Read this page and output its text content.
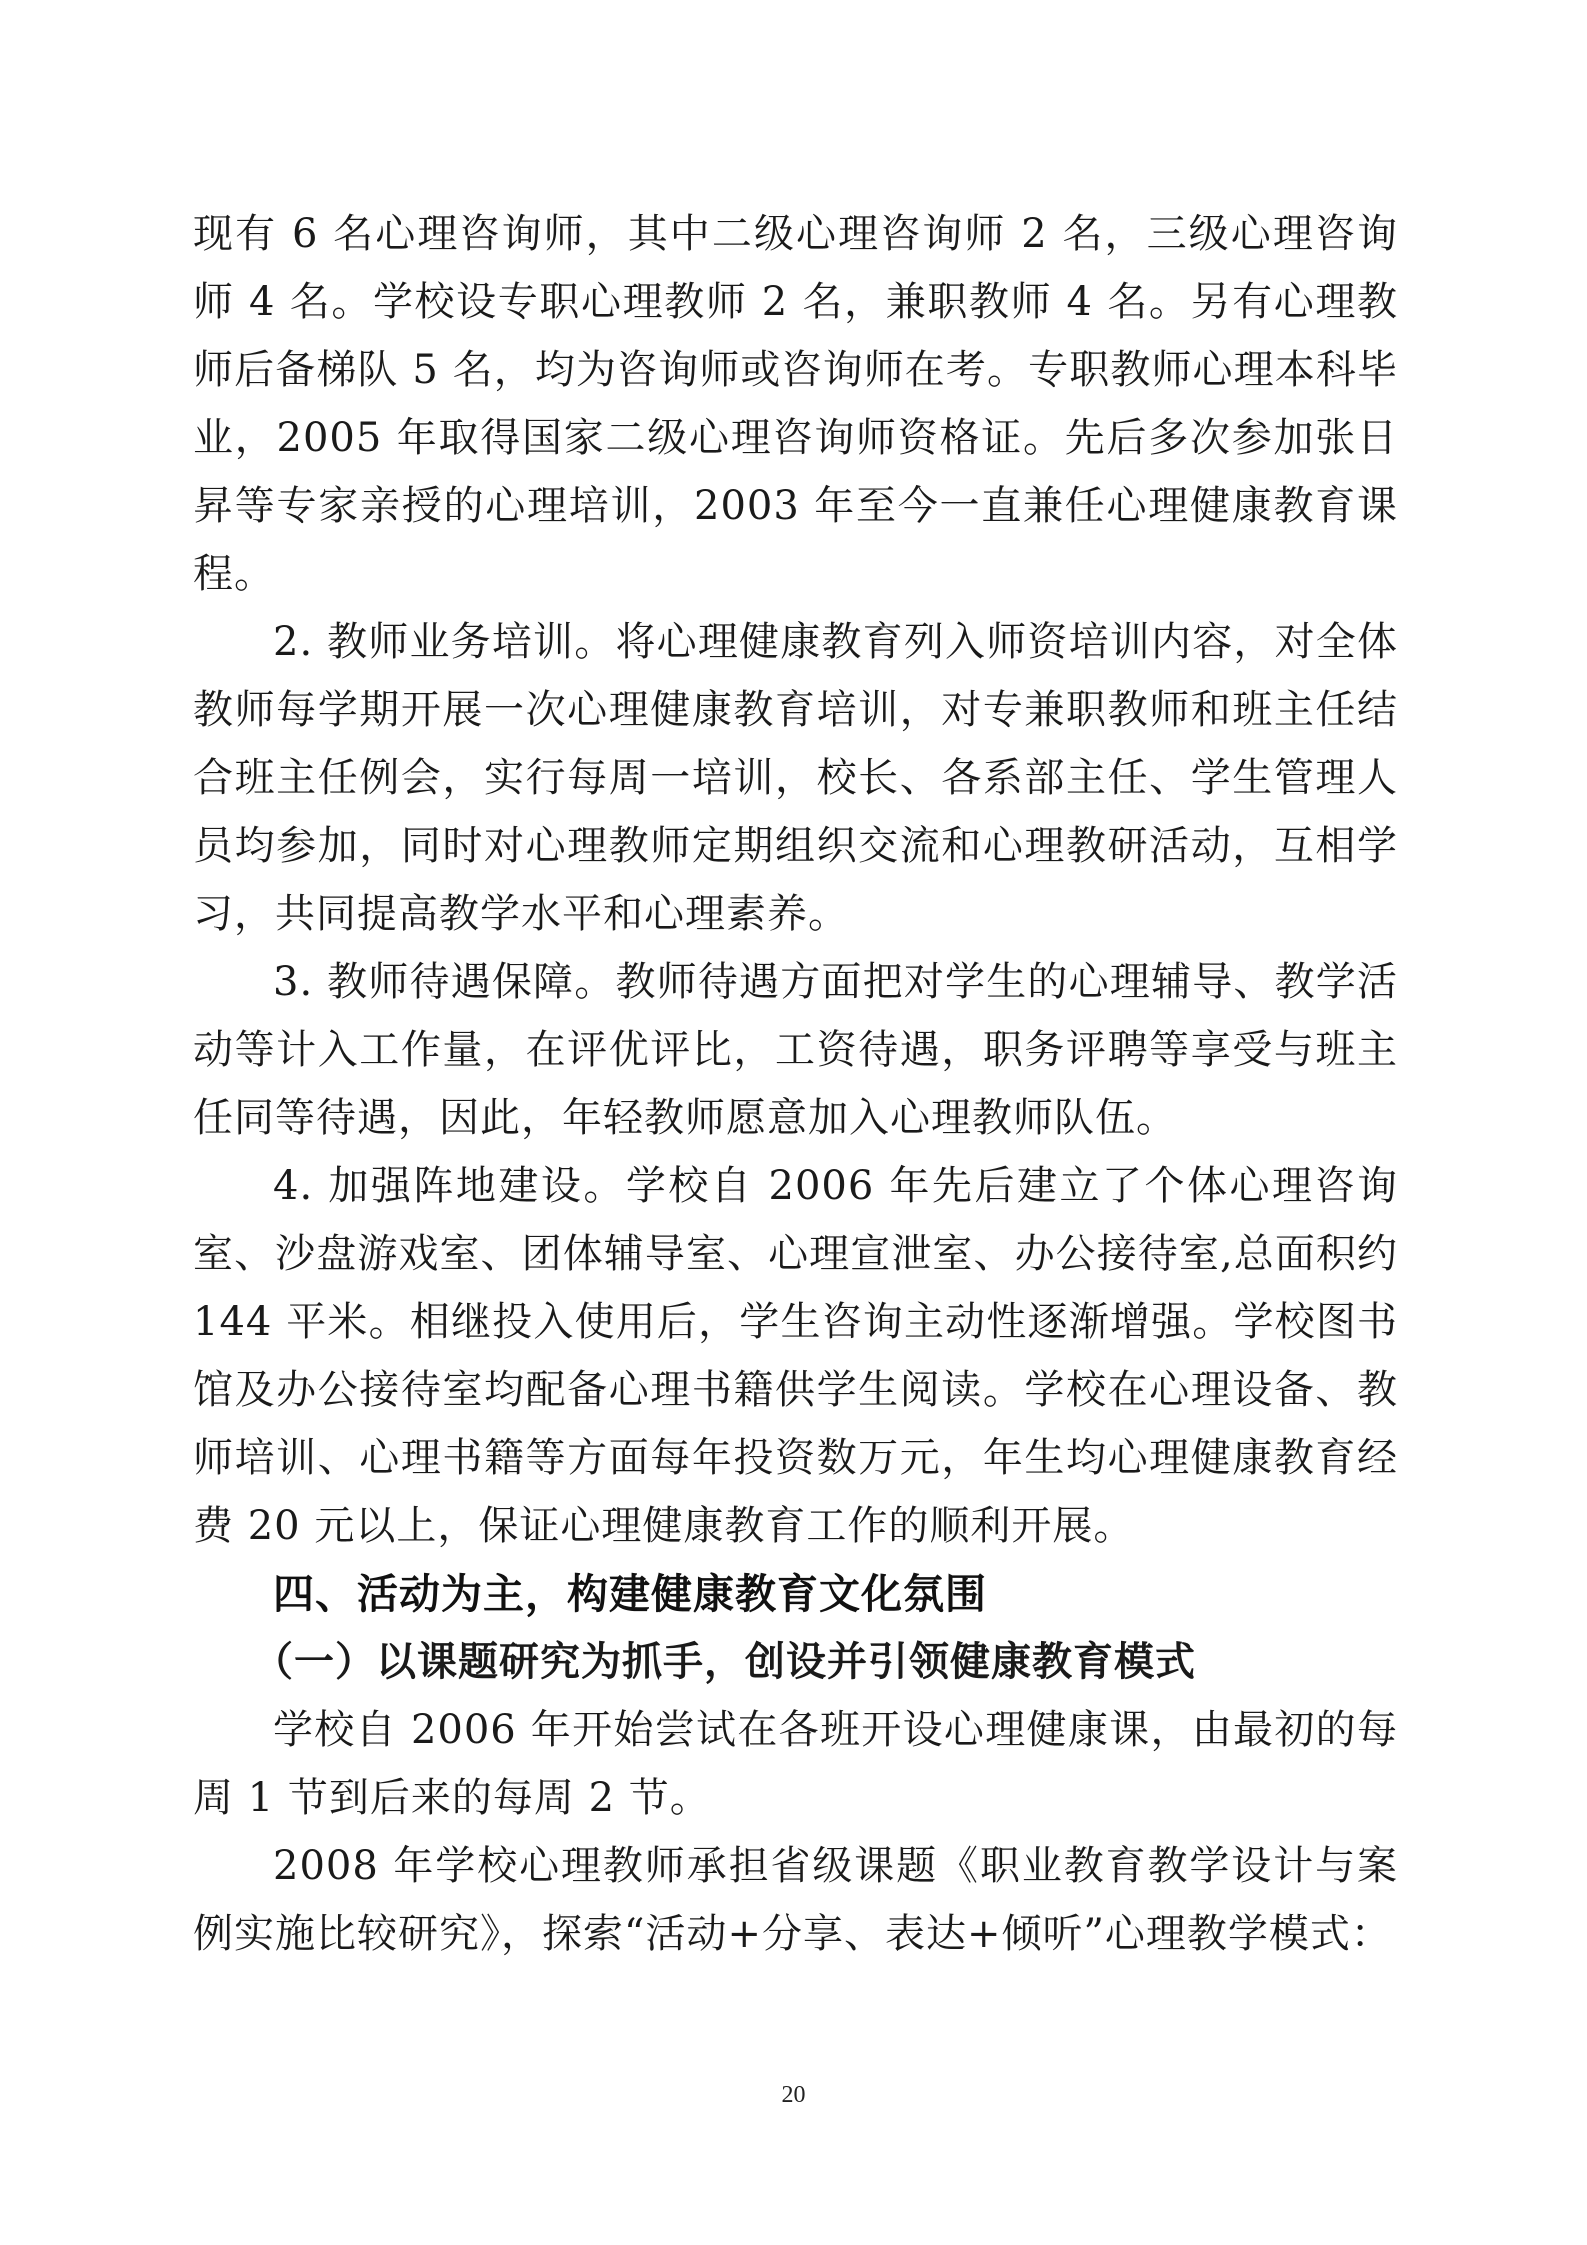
现有 6 名心理咨询师，其中二级心理咨询师 2 名，三级心理咨询师 4 名。学校设专职心理教师 2 名，兼职教师 4 名。另有心理教师后备梯队 5 名，均为咨询师或咨询师在考。专职教师心理本科毕业，2005 年取得国家二级心理咨询师资格证。先后多次参加张日昇等专家亲授的心理培训，2003 年至今一直兼任心理健康教育课程。

2. 教师业务培训。将心理健康教育列入师资培训内容，对全体教师每学期开展一次心理健康教育培训，对专兼职教师和班主任结合班主任例会，实行每周一培训，校长、各系部主任、学生管理人员均参加，同时对心理教师定期组织交流和心理教研活动，互相学习，共同提高教学水平和心理素养。

3. 教师待遇保障。教师待遇方面把对学生的心理辅导、教学活动等计入工作量，在评优评比，工资待遇，职务评聘等享受与班主任同等待遇，因此，年轻教师愿意加入心理教师队伍。

4. 加强阵地建设。学校自 2006 年先后建立了个体心理咨询室、沙盘游戏室、团体辅导室、心理宣泄室、办公接待室,总面积约 144 平米。相继投入使用后，学生咨询主动性逐渐增强。学校图书馆及办公接待室均配备心理书籍供学生阅读。学校在心理设备、教师培训、心理书籍等方面每年投资数万元，年生均心理健康教育经费 20 元以上，保证心理健康教育工作的顺利开展。

四、活动为主，构建健康教育文化氛围
（一）以课题研究为抓手，创设并引领健康教育模式

学校自 2006 年开始尝试在各班开设心理健康课，由最初的每周 1 节到后来的每周 2 节。

2008 年学校心理教师承担省级课题《职业教育教学设计与案例实施比较研究》，探索“活动+分享、表达+倾听”心理教学模式：

20
